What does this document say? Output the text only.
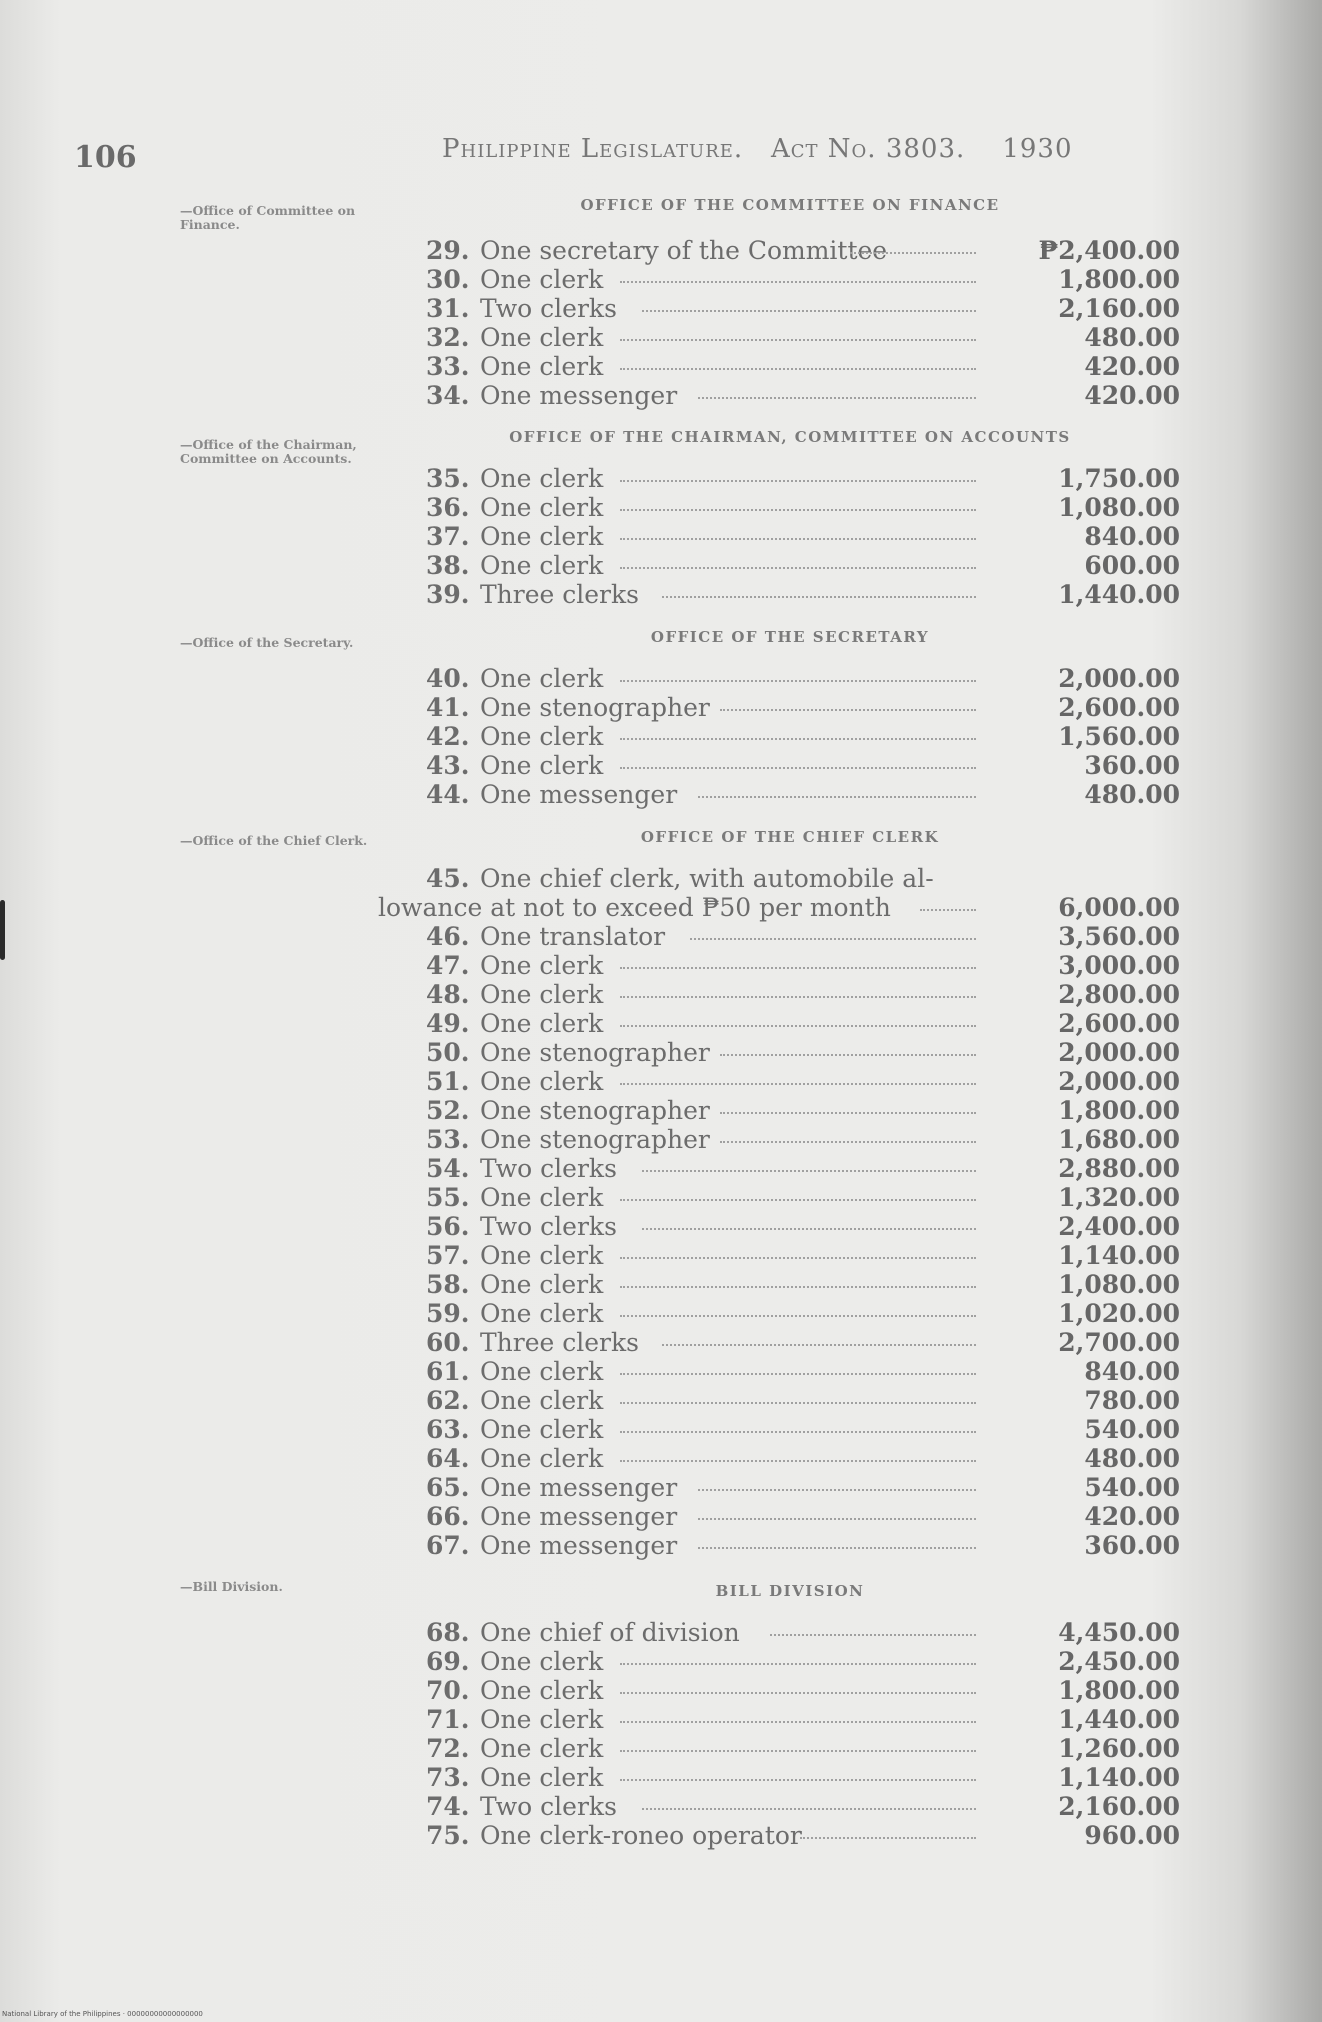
106	Philippine Legislature. Act No. 3803. 1930
—Office of Committee on Finance.
OFFICE OF THE COMMITTEE ON FINANCE
29. One secretary of the Committee	₱2,400.00
30. One clerk	1,800.00
31. Two clerks	2,160.00
32. One clerk	480.00
33. One clerk	420.00
34. One messenger	420.00
—Office of the Chairman, Committee on Accounts.
OFFICE OF THE CHAIRMAN, COMMITTEE ON ACCOUNTS
35. One clerk	1,750.00
36. One clerk	1,080.00
37. One clerk	840.00
38. One clerk	600.00
39. Three clerks	1,440.00
—Office of the Secretary.	OFFICE OF THE SECRETARY
40. One clerk	2,000.00
41. One stenographer	2,600.00
42. One clerk	1,560.00
43. One clerk	360.00
44. One messenger	480.00
—Office of the Chief Clerk.	OFFICE OF THE CHIEF CLERK
45. One chief clerk, with automobile al-
lowance at not to exceed ₱50 per month	6,000.00
46. One translator	3,560.00
47. One clerk	3,000.00
48. One clerk	2,800.00
49. One clerk	2,600.00
50. One stenographer	2,000.00
51. One clerk	2,000.00
52. One stenographer	1,800.00
53. One stenographer	1,680.00
54. Two clerks	2,880.00
55. One clerk	1,320.00
56. Two clerks	2,400.00
57. One clerk	1,140.00
58. One clerk	1,080.00
59. One clerk	1,020.00
60. Three clerks	2,700.00
61. One clerk	840.00
62. One clerk	780.00
63. One clerk	540.00
64. One clerk	480.00
65. One messenger	540.00
66. One messenger	420.00
67. One messenger	360.00
—Bill Division.	BILL DIVISION
68. One chief of division	4,450.00
69. One clerk	2,450.00
70. One clerk	1,800.00
71. One clerk	1,440.00
72. One clerk	1,260.00
73. One clerk	1,140.00
74. Two clerks	2,160.00
75. One clerk-roneo operator	960.00
National Library of the Philippines · 00000000000000000
